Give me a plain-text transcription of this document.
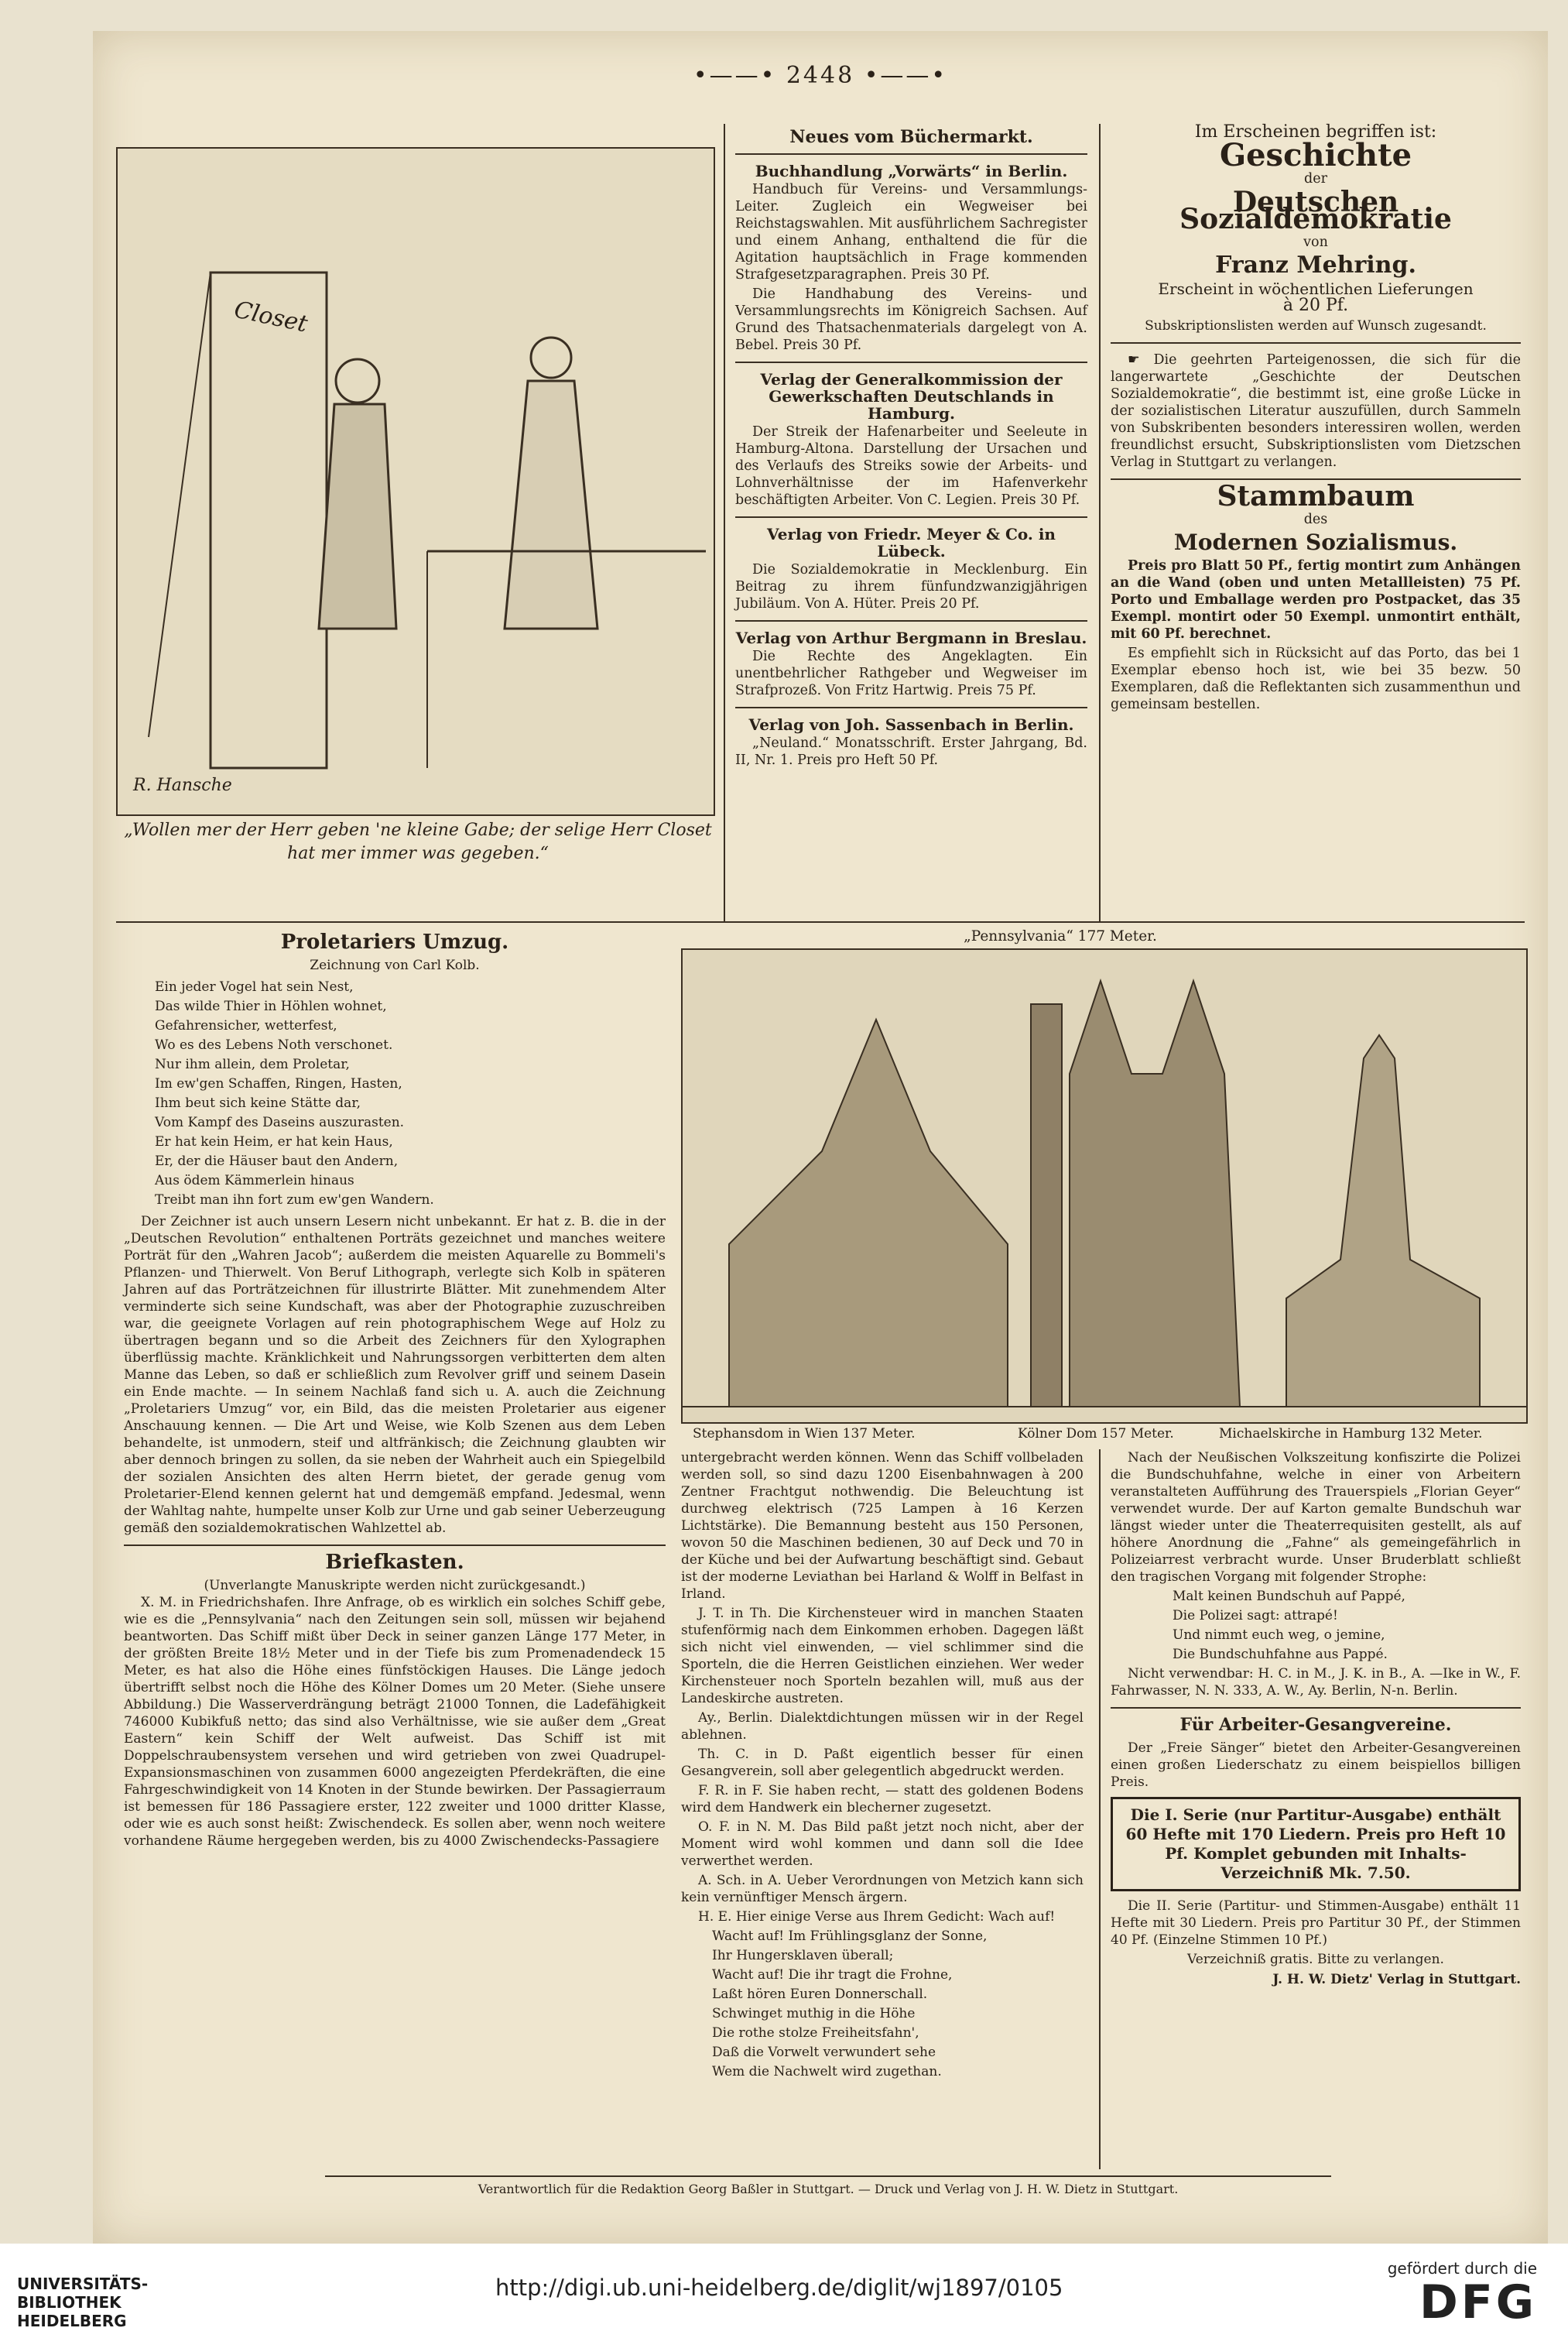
•——• 2448 •——•
Closet
R. Hansche
„Wollen mer der Herr geben 'ne kleine Gabe; der selige Herr Closet hat mer immer was gegeben.“
Neues vom Büchermarkt.
Buchhandlung „Vorwärts“ in Berlin.

Handbuch für Vereins- und Versammlungs-Leiter. Zugleich ein Wegweiser bei Reichstagswahlen. Mit ausführlichem Sachregister und einem Anhang, enthaltend die für die Agitation hauptsächlich in Frage kommenden Strafgesetzparagraphen. Preis 30 Pf.

Die Handhabung des Vereins- und Versammlungsrechts im Königreich Sachsen. Auf Grund des Thatsachenmaterials dargelegt von A. Bebel. Preis 30 Pf.

Verlag der Generalkommission der Gewerkschaften Deutschlands in Hamburg.

Der Streik der Hafenarbeiter und Seeleute in Hamburg-Altona. Darstellung der Ursachen und des Verlaufs des Streiks sowie der Arbeits- und Lohnverhältnisse der im Hafenverkehr beschäftigten Arbeiter. Von C. Legien. Preis 30 Pf.

Verlag von Friedr. Meyer & Co. in Lübeck.

Die Sozialdemokratie in Mecklenburg. Ein Beitrag zu ihrem fünfundzwanzigjährigen Jubiläum. Von A. Hüter. Preis 20 Pf.

Verlag von Arthur Bergmann in Breslau.

Die Rechte des Angeklagten. Ein unentbehrlicher Rathgeber und Wegweiser im Strafprozeß. Von Fritz Hartwig. Preis 75 Pf.

Verlag von Joh. Sassenbach in Berlin.

„Neuland.“ Monatsschrift. Erster Jahrgang, Bd. II, Nr. 1. Preis pro Heft 50 Pf.

Im Erscheinen begriffen ist:
Geschichte
der
Deutschen Sozialdemokratie
von
Franz Mehring.
Erscheint in wöchentlichen Lieferungen
à 20 Pf.
Subskriptionslisten werden auf Wunsch zugesandt.

☛ Die geehrten Parteigenossen, die sich für die langerwartete „Geschichte der Deutschen Sozialdemokratie“, die bestimmt ist, eine große Lücke in der sozialistischen Literatur auszufüllen, durch Sammeln von Subskribenten besonders interessiren wollen, werden freundlichst ersucht, Subskriptionslisten vom Dietzschen Verlag in Stuttgart zu verlangen.

Stammbaum
des
Modernen Sozialismus.

Preis pro Blatt 50 Pf., fertig montirt zum Anhängen an die Wand (oben und unten Metallleisten) 75 Pf. Porto und Emballage werden pro Postpacket, das 35 Exempl. montirt oder 50 Exempl. unmontirt enthält, mit 60 Pf. berechnet.

Es empfiehlt sich in Rücksicht auf das Porto, das bei 1 Exemplar ebenso hoch ist, wie bei 35 bezw. 50 Exemplaren, daß die Reflektanten sich zusammenthun und gemeinsam bestellen.

Proletariers Umzug.
Zeichnung von Carl Kolb.

Ein jeder Vogel hat sein Nest,

Das wilde Thier in Höhlen wohnet,

Gefahrensicher, wetterfest,

Wo es des Lebens Noth verschonet.

Nur ihm allein, dem Proletar,

Im ew'gen Schaffen, Ringen, Hasten,

Ihm beut sich keine Stätte dar,

Vom Kampf des Daseins auszurasten.

Er hat kein Heim, er hat kein Haus,

Er, der die Häuser baut den Andern,

Aus ödem Kämmerlein hinaus

Treibt man ihn fort zum ew'gen Wandern.

Der Zeichner ist auch unsern Lesern nicht unbekannt. Er hat z. B. die in der „Deutschen Revolution“ enthaltenen Porträts gezeichnet und manches weitere Porträt für den „Wahren Jacob“; außerdem die meisten Aquarelle zu Bommeli's Pflanzen- und Thierwelt. Von Beruf Lithograph, verlegte sich Kolb in späteren Jahren auf das Porträtzeichnen für illustrirte Blätter. Mit zunehmendem Alter verminderte sich seine Kundschaft, was aber der Photographie zuzuschreiben war, die geeignete Vorlagen auf rein photographischem Wege auf Holz zu übertragen begann und so die Arbeit des Zeichners für den Xylographen überflüssig machte. Kränklichkeit und Nahrungssorgen verbitterten dem alten Manne das Leben, so daß er schließlich zum Revolver griff und seinem Dasein ein Ende machte. — In seinem Nachlaß fand sich u. A. auch die Zeichnung „Proletariers Umzug“ vor, ein Bild, das die meisten Proletarier aus eigener Anschauung kennen. — Die Art und Weise, wie Kolb Szenen aus dem Leben behandelte, ist unmodern, steif und altfränkisch; die Zeichnung glaubten wir aber dennoch bringen zu sollen, da sie neben der Wahrheit auch ein Spiegelbild der sozialen Ansichten des alten Herrn bietet, der gerade genug vom Proletarier-Elend kennen gelernt hat und demgemäß empfand. Jedesmal, wenn der Wahltag nahte, humpelte unser Kolb zur Urne und gab seiner Ueberzeugung gemäß den sozialdemokratischen Wahlzettel ab.

Briefkasten.
(Unverlangte Manuskripte werden nicht zurückgesandt.)

X. M. in Friedrichshafen. Ihre Anfrage, ob es wirklich ein solches Schiff gebe, wie es die „Pennsylvania“ nach den Zeitungen sein soll, müssen wir bejahend beantworten. Das Schiff mißt über Deck in seiner ganzen Länge 177 Meter, in der größten Breite 18½ Meter und in der Tiefe bis zum Promenadendeck 15 Meter, es hat also die Höhe eines fünfstöckigen Hauses. Die Länge jedoch übertrifft selbst noch die Höhe des Kölner Domes um 20 Meter. (Siehe unsere Abbildung.) Die Wasserverdrängung beträgt 21000 Tonnen, die Ladefähigkeit 746000 Kubikfuß netto; das sind also Verhältnisse, wie sie außer dem „Great Eastern“ kein Schiff der Welt aufweist. Das Schiff ist mit Doppelschraubensystem versehen und wird getrieben von zwei Quadrupel-Expansionsmaschinen von zusammen 6000 angezeigten Pferdekräften, die eine Fahrgeschwindigkeit von 14 Knoten in der Stunde bewirken. Der Passagierraum ist bemessen für 186 Passagiere erster, 122 zweiter und 1000 dritter Klasse, oder wie es auch sonst heißt: Zwischendeck. Es sollen aber, wenn noch weitere vorhandene Räume hergegeben werden, bis zu 4000 Zwischendecks-Passagiere

„Pennsylvania“ 177 Meter.
Stephansdom in Wien 137 Meter.	Kölner Dom 157 Meter.	Michaelskirche in Hamburg 132 Meter.

untergebracht werden können. Wenn das Schiff vollbeladen werden soll, so sind dazu 1200 Eisenbahnwagen à 200 Zentner Frachtgut nothwendig. Die Beleuchtung ist durchweg elektrisch (725 Lampen à 16 Kerzen Lichtstärke). Die Bemannung besteht aus 150 Personen, wovon 50 die Maschinen bedienen, 30 auf Deck und 70 in der Küche und bei der Aufwartung beschäftigt sind. Gebaut ist der moderne Leviathan bei Harland & Wolff in Belfast in Irland.

J. T. in Th. Die Kirchensteuer wird in manchen Staaten stufenförmig nach dem Einkommen erhoben. Dagegen läßt sich nicht viel einwenden, — viel schlimmer sind die Sporteln, die die Herren Geistlichen einziehen. Wer weder Kirchensteuer noch Sporteln bezahlen will, muß aus der Landeskirche austreten.

Ay., Berlin. Dialektdichtungen müssen wir in der Regel ablehnen.

Th. C. in D. Paßt eigentlich besser für einen Gesangverein, soll aber gelegentlich abgedruckt werden.

F. R. in F. Sie haben recht, — statt des goldenen Bodens wird dem Handwerk ein blecherner zugesetzt.

O. F. in N. M. Das Bild paßt jetzt noch nicht, aber der Moment wird wohl kommen und dann soll die Idee verwerthet werden.

A. Sch. in A. Ueber Verordnungen von Metzich kann sich kein vernünftiger Mensch ärgern.

H. E. Hier einige Verse aus Ihrem Gedicht: Wach auf!

Wacht auf! Im Frühlingsglanz der Sonne,

Ihr Hungersklaven überall;

Wacht auf! Die ihr tragt die Frohne,

Laßt hören Euren Donnerschall.

Schwinget muthig in die Höhe

Die rothe stolze Freiheitsfahn',

Daß die Vorwelt verwundert sehe

Wem die Nachwelt wird zugethan.

Nach der Neußischen Volkszeitung konfiszirte die Polizei die Bundschuhfahne, welche in einer von Arbeitern veranstalteten Aufführung des Trauerspiels „Florian Geyer“ verwendet wurde. Der auf Karton gemalte Bundschuh war längst wieder unter die Theaterrequisiten gestellt, als auf höhere Anordnung die „Fahne“ als gemeingefährlich in Polizeiarrest verbracht wurde. Unser Bruderblatt schließt den tragischen Vorgang mit folgender Strophe:

Malt keinen Bundschuh auf Pappé,

Die Polizei sagt: attrapé!

Und nimmt euch weg, o jemine,

Die Bundschuhfahne aus Pappé.

Nicht verwendbar: H. C. in M., J. K. in B., A. —Ike in W., F. Fahrwasser, N. N. 333, A. W., Ay. Berlin, N-n. Berlin.

Für Arbeiter-Gesangvereine.

Der „Freie Sänger“ bietet den Arbeiter-Gesangvereinen einen großen Liederschatz zu einem beispiellos billigen Preis.

Die I. Serie (nur Partitur-Ausgabe) enthält 60 Hefte mit 170 Liedern. Preis pro Heft 10 Pf. Komplet gebunden mit Inhalts-Verzeichniß Mk. 7.50.

Die II. Serie (Partitur- und Stimmen-Ausgabe) enthält 11 Hefte mit 30 Liedern. Preis pro Partitur 30 Pf., der Stimmen 40 Pf. (Einzelne Stimmen 10 Pf.)

Verzeichniß gratis. Bitte zu verlangen.
J. H. W. Dietz' Verlag in Stuttgart.
Verantwortlich für die Redaktion Georg Baßler in Stuttgart. — Druck und Verlag von J. H. W. Dietz in Stuttgart.
UNIVERSITÄTS-
BIBLIOTHEK
HEIDELBERG
http://digi.ub.uni-heidelberg.de/diglit/wj1897/0105
gefördert durch die
DFG
